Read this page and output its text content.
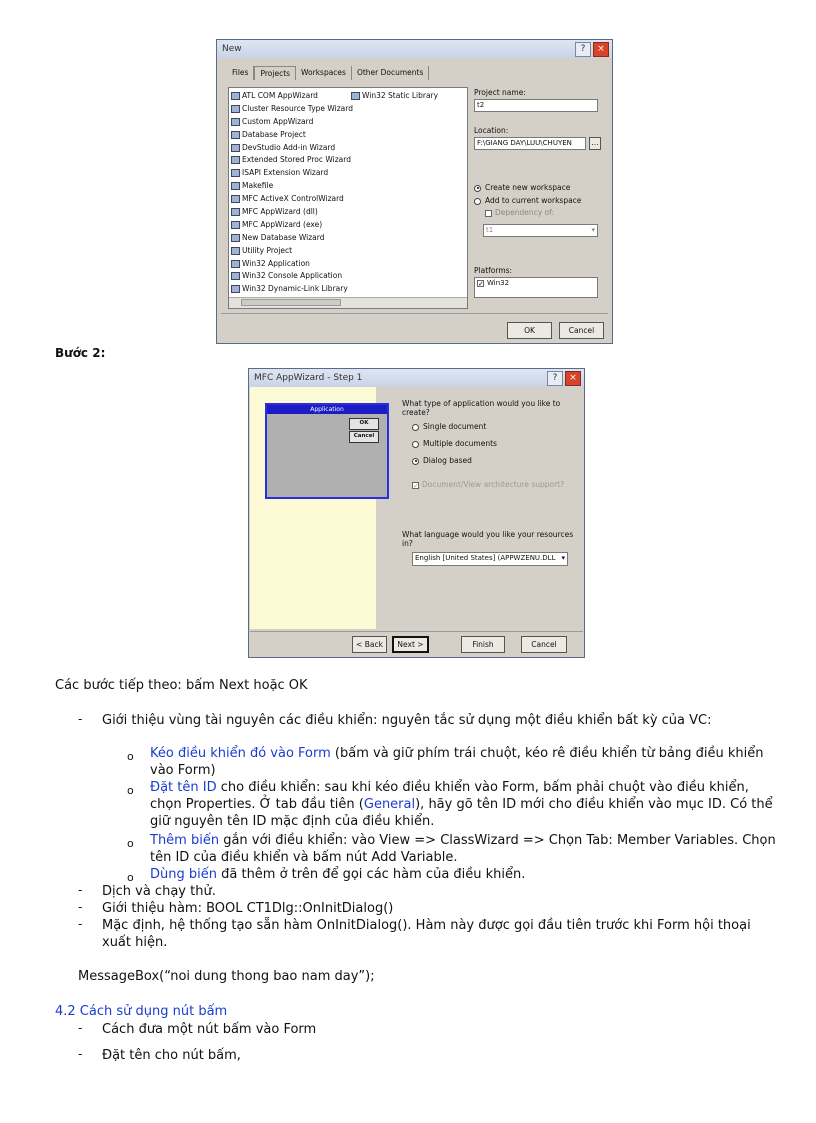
New	?	×
Files	Projects	Workspaces	Other Documents
ATL COM AppWizard
Cluster Resource Type Wizard
Custom AppWizard
Database Project
DevStudio Add-in Wizard
Extended Stored Proc Wizard
ISAPI Extension Wizard
Makefile
MFC ActiveX ControlWizard
MFC AppWizard (dll)
MFC AppWizard (exe)
New Database Wizard
Utility Project
Win32 Application
Win32 Console Application
Win32 Dynamic-Link Library
Win32 Static Library	Project name:
t2
Location:
F:\GIANG DAY\LUU\CHUYEN	...
Create new workspace
Add to current workspace
Dependency of:
t1	▾
Platforms:
✓ Win32
OK	Cancel
Bước 2:
MFC AppWizard - Step 1	?	×
Application
OK
Cancel
What type of application would you like to create?
Single document
Multiple documents
Dialog based
✓ Document/View architecture support?
What language would you like your resources in?
English [United States] (APPWZENU.DLL ▾
< Back	Next >	Finish	Cancel
Các bước tiếp theo: bấm Next hoặc OK
- Giới thiệu vùng tài nguyên các điều khiển: nguyên tắc sử dụng một điều khiển bất kỳ của VC:
o Kéo điều khiển đó vào Form (bấm và giữ phím trái chuột, kéo rê điều khiển từ bảng điều khiển vào Form)
o Đặt tên ID cho điều khiển: sau khi kéo điều khiển vào Form, bấm phải chuột vào điều khiển, chọn Properties. Ở tab đầu tiên (General), hãy gõ tên ID mới cho điều khiển vào mục ID. Có thể giữ nguyên tên ID mặc định của điều khiển.
o Thêm biến gắn với điều khiển: vào View => ClassWizard => Chọn Tab: Member Variables. Chọn tên ID của điều khiển và bấm nút Add Variable.
o Dùng biến đã thêm ở trên để gọi các hàm của điều khiển.
- Dịch và chạy thử.
- Giới thiệu hàm: BOOL CT1Dlg::OnInitDialog()
- Mặc định, hệ thống tạo sẵn hàm OnInitDialog(). Hàm này được gọi đầu tiên trước khi Form hội thoại xuất hiện.
MessageBox(“noi dung thong bao nam day”);
4.2 Cách sử dụng nút bấm
- Cách đưa một nút bấm vào Form
- Đặt tên cho nút bấm,
